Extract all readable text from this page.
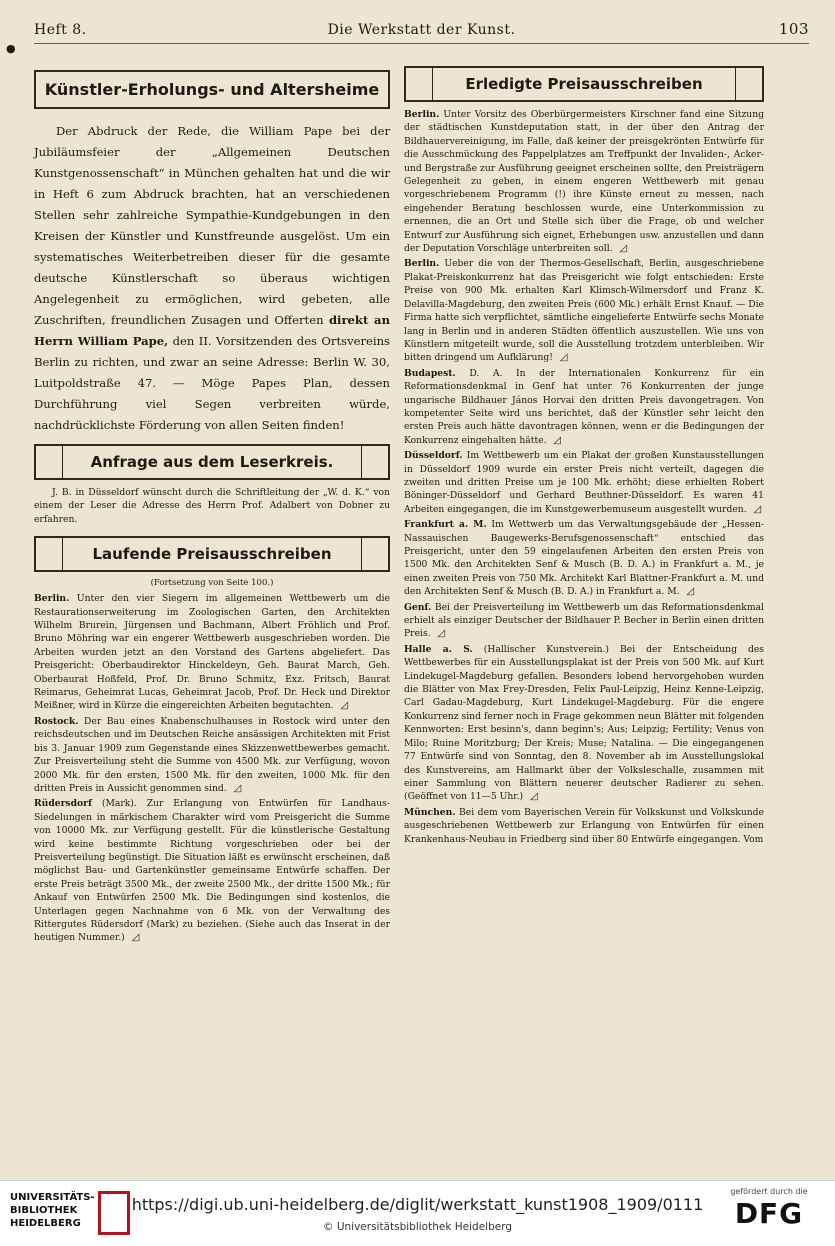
●
Heft 8.	Die Werkstatt der Kunst.	103
Künstler-Erholungs- und Altersheime

Der Abdruck der Rede, die William Pape bei der Jubiläumsfeier der „Allgemeinen Deutschen Kunstgenossenschaft“ in München gehalten hat und die wir in Heft 6 zum Abdruck brachten, hat an verschiedenen Stellen sehr zahlreiche Sympathie-Kundgebungen in den Kreisen der Künstler und Kunstfreunde ausgelöst. Um ein systematisches Weiterbetreiben dieser für die gesamte deutsche Künstlerschaft so überaus wichtigen Angelegenheit zu ermöglichen, wird gebeten, alle Zuschriften, freundlichen Zusagen und Offerten direkt an Herrn William Pape, den II. Vorsitzenden des Ortsvereins Berlin zu richten, und zwar an seine Adresse: Berlin W. 30, Luitpoldstraße 47. — Möge Papes Plan, dessen Durchführung viel Segen verbreiten würde, nachdrücklichste Förderung von allen Seiten finden!

Anfrage aus dem Leserkreis.

J. B. in Düsseldorf wünscht durch die Schriftleitung der „W. d. K.“ von einem der Leser die Adresse des Herrn Prof. Adalbert von Dobner zu erfahren.

Laufende Preisausschreiben
(Fortsetzung von Seite 100.)

Berlin. Unter den vier Siegern im allgemeinen Wettbewerb um die Restaurationserweiterung im Zoologischen Garten, den Architekten Wilhelm Brurein, Jürgensen und Bachmann, Albert Fröhlich und Prof. Bruno Möhring war ein engerer Wettbewerb ausgeschrieben worden. Die Arbeiten wurden jetzt an den Vorstand des Gartens abgeliefert. Das Preisgericht: Oberbaudirektor Hinckeldeyn, Geh. Baurat March, Geh. Oberbaurat Hoßfeld, Prof. Dr. Bruno Schmitz, Exz. Fritsch, Baurat Reimarus, Geheimrat Lucas, Geheimrat Jacob, Prof. Dr. Heck und Direktor Meißner, wird in Kürze die eingereichten Arbeiten begutachten. ◿

Rostock. Der Bau eines Knabenschulhauses in Rostock wird unter den reichsdeutschen und im Deutschen Reiche ansässigen Architekten mit Frist bis 3. Januar 1909 zum Gegenstande eines Skizzenwettbewerbes gemacht. Zur Preisverteilung steht die Summe von 4500 Mk. zur Verfügung, wovon 2000 Mk. für den ersten, 1500 Mk. für den zweiten, 1000 Mk. für den dritten Preis in Aussicht genommen sind. ◿

Rüdersdorf (Mark). Zur Erlangung von Entwürfen für Landhaus-Siedelungen in märkischem Charakter wird vom Preisgericht die Summe von 10000 Mk. zur Verfügung gestellt. Für die künstlerische Gestaltung wird keine bestimmte Richtung vorgeschrieben oder bei der Preisverteilung begünstigt. Die Situation läßt es erwünscht erscheinen, daß möglichst Bau- und Gartenkünstler gemeinsame Entwürfe schaffen. Der erste Preis beträgt 3500 Mk., der zweite 2500 Mk., der dritte 1500 Mk.; für Ankauf von Entwürfen 2500 Mk. Die Bedingungen sind kostenlos, die Unterlagen gegen Nachnahme von 6 Mk. von der Verwaltung des Rittergutes Rüdersdorf (Mark) zu beziehen. (Siehe auch das Inserat in der heutigen Nummer.) ◿

Erledigte Preisausschreiben

Berlin. Unter Vorsitz des Oberbürgermeisters Kirschner fand eine Sitzung der städtischen Kunstdeputation statt, in der über den Antrag der Bildhauervereinigung, im Falle, daß keiner der preisgekrönten Entwürfe für die Ausschmückung des Pappelplatzes am Treffpunkt der Invaliden-, Acker- und Bergstraße zur Ausführung geeignet erscheinen sollte, den Preisträgern Gelegenheit zu geben, in einem engeren Wettbewerb mit genau vorgeschriebenem Programm (!) ihre Künste erneut zu messen, nach eingehender Beratung beschlossen wurde, eine Unterkommission zu ernennen, die an Ort und Stelle sich über die Frage, ob und welcher Entwurf zur Ausführung sich eignet, Erhebungen usw. anzustellen und dann der Deputation Vorschläge unterbreiten soll. ◿

Berlin. Ueber die von der Thermos-Gesellschaft, Berlin, ausgeschriebene Plakat-Preiskonkurrenz hat das Preisgericht wie folgt entschieden: Erste Preise von 900 Mk. erhalten Karl Klimsch-Wilmersdorf und Franz K. Delavilla-Magdeburg, den zweiten Preis (600 Mk.) erhält Ernst Knauf. — Die Firma hatte sich verpflichtet, sämtliche eingelieferte Entwürfe sechs Monate lang in Berlin und in anderen Städten öffentlich auszustellen. Wie uns von Künstlern mitgeteilt wurde, soll die Ausstellung trotzdem unterbleiben. Wir bitten dringend um Aufklärung! ◿

Budapest. D. A. In der Internationalen Konkurrenz für ein Reformationsdenkmal in Genf hat unter 76 Konkurrenten der junge ungarische Bildhauer János Horvai den dritten Preis davongetragen. Von kompetenter Seite wird uns berichtet, daß der Künstler sehr leicht den ersten Preis auch hätte davontragen können, wenn er die Bedingungen der Konkurrenz eingehalten hätte. ◿

Düsseldorf. Im Wettbewerb um ein Plakat der großen Kunstausstellungen in Düsseldorf 1909 wurde ein erster Preis nicht verteilt, dagegen die zweiten und dritten Preise um je 100 Mk. erhöht; diese erhielten Robert Böninger-Düsseldorf und Gerhard Beuthner-Düsseldorf. Es waren 41 Arbeiten eingegangen, die im Kunstgewerbemuseum ausgestellt wurden. ◿

Frankfurt a. M. Im Wettwerb um das Verwaltungsgebäude der „Hessen-Nassauischen Baugewerks-Berufsgenossenschaft“ entschied das Preisgericht, unter den 59 eingelaufenen Arbeiten den ersten Preis von 1500 Mk. den Architekten Senf & Musch (B. D. A.) in Frankfurt a. M., je einen zweiten Preis von 750 Mk. Architekt Karl Blattner-Frankfurt a. M. und den Architekten Senf & Musch (B. D. A.) in Frankfurt a. M. ◿

Genf. Bei der Preisverteilung im Wettbewerb um das Reformationsdenkmal erhielt als einziger Deutscher der Bildhauer P. Becher in Berlin einen dritten Preis. ◿

Halle a. S. (Hallischer Kunstverein.) Bei der Entscheidung des Wettbewerbes für ein Ausstellungsplakat ist der Preis von 500 Mk. auf Kurt Lindekugel-Magdeburg gefallen. Besonders lobend hervorgehoben wurden die Blätter von Max Frey-Dresden, Felix Paul-Leipzig, Heinz Kenne-Leipzig, Carl Gadau-Magdeburg, Kurt Lindekugel-Magdeburg. Für die engere Konkurrenz sind ferner noch in Frage gekommen neun Blätter mit folgenden Kennworten: Erst besinn's, dann beginn's; Aus; Leipzig; Fertility; Venus von Milo; Ruine Moritzburg; Der Kreis; Muse; Natalina. — Die eingegangenen 77 Entwürfe sind von Sonntag, den 8. November ab im Ausstellungslokal des Kunstvereins, am Hallmarkt über der Volksleschalle, zusammen mit einer Sammlung von Blättern neuerer deutscher Radierer zu sehen. (Geöffnet von 11—5 Uhr.) ◿

München. Bei dem vom Bayerischen Verein für Volkskunst und Volkskunde ausgeschriebenen Wettbewerb zur Erlangung von Entwürfen für einen Krankenhaus-Neubau in Friedberg sind über 80 Entwürfe eingegangen. Vom

UNIVERSITÄTS-
BIBLIOTHEK
HEIDELBERG
https://digi.ub.uni-heidelberg.de/diglit/werkstatt_kunst1908_1909/0111
© Universitätsbibliothek Heidelberg
gefördert durch die
DFG
